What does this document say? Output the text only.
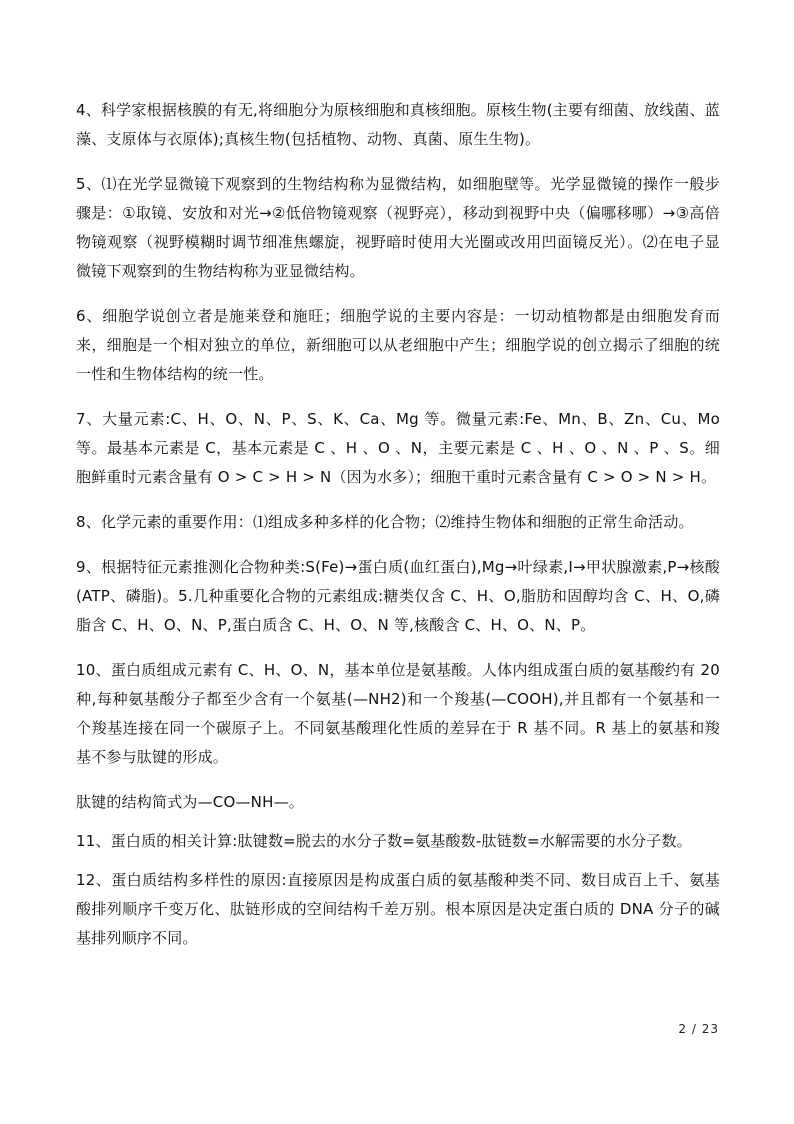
4、科学家根据核膜的有无,将细胞分为原核细胞和真核细胞。原核生物(主要有细菌、放线菌、蓝藻、支原体与衣原体);真核生物(包括植物、动物、真菌、原生生物)。

5、⑴在光学显微镜下观察到的生物结构称为显微结构，如细胞壁等。光学显微镜的操作一般步骤是：①取镜、安放和对光→②低倍物镜观察（视野亮），移动到视野中央（偏哪移哪）→③高倍物镜观察（视野模糊时调节细准焦螺旋，视野暗时使用大光圈或改用凹面镜反光）。⑵在电子显微镜下观察到的生物结构称为亚显微结构。

6、细胞学说创立者是施莱登和施旺；细胞学说的主要内容是：一切动植物都是由细胞发育而来，细胞是一个相对独立的单位，新细胞可以从老细胞中产生；细胞学说的创立揭示了细胞的统一性和生物体结构的统一性。

7、大量元素:C、H、O、N、P、S、K、Ca、Mg 等。微量元素:Fe、Mn、B、Zn、Cu、Mo 等。最基本元素是 C，基本元素是 C 、H 、O 、N，主要元素是 C 、H 、O 、N 、P 、S。细胞鲜重时元素含量有 O > C > H > N（因为水多）；细胞干重时元素含量有 C > O > N > H。

8、化学元素的重要作用：⑴组成多种多样的化合物；⑵维持生物体和细胞的正常生命活动。

9、根据特征元素推测化合物种类:S(Fe)→蛋白质(血红蛋白),Mg→叶绿素,I→甲状腺激素,P→核酸(ATP、磷脂)。5.几种重要化合物的元素组成:糖类仅含 C、H、O,脂肪和固醇均含 C、H、O,磷脂含 C、H、O、N、P,蛋白质含 C、H、O、N 等,核酸含 C、H、O、N、P。

10、蛋白质组成元素有 C、H、O、N，基本单位是氨基酸。人体内组成蛋白质的氨基酸约有 20 种,每种氨基酸分子都至少含有一个氨基(—NH2)和一个羧基(—COOH),并且都有一个氨基和一个羧基连接在同一个碳原子上。不同氨基酸理化性质的差异在于 R 基不同。R 基上的氨基和羧基不参与肽键的形成。

肽键的结构简式为—CO—NH—。

11、蛋白质的相关计算:肽键数=脱去的水分子数=氨基酸数-肽链数=水解需要的水分子数。

12、蛋白质结构多样性的原因:直接原因是构成蛋白质的氨基酸种类不同、数目成百上千、氨基酸排列顺序千变万化、肽链形成的空间结构千差万别。根本原因是决定蛋白质的 DNA 分子的碱基排列顺序不同。

2 / 23
